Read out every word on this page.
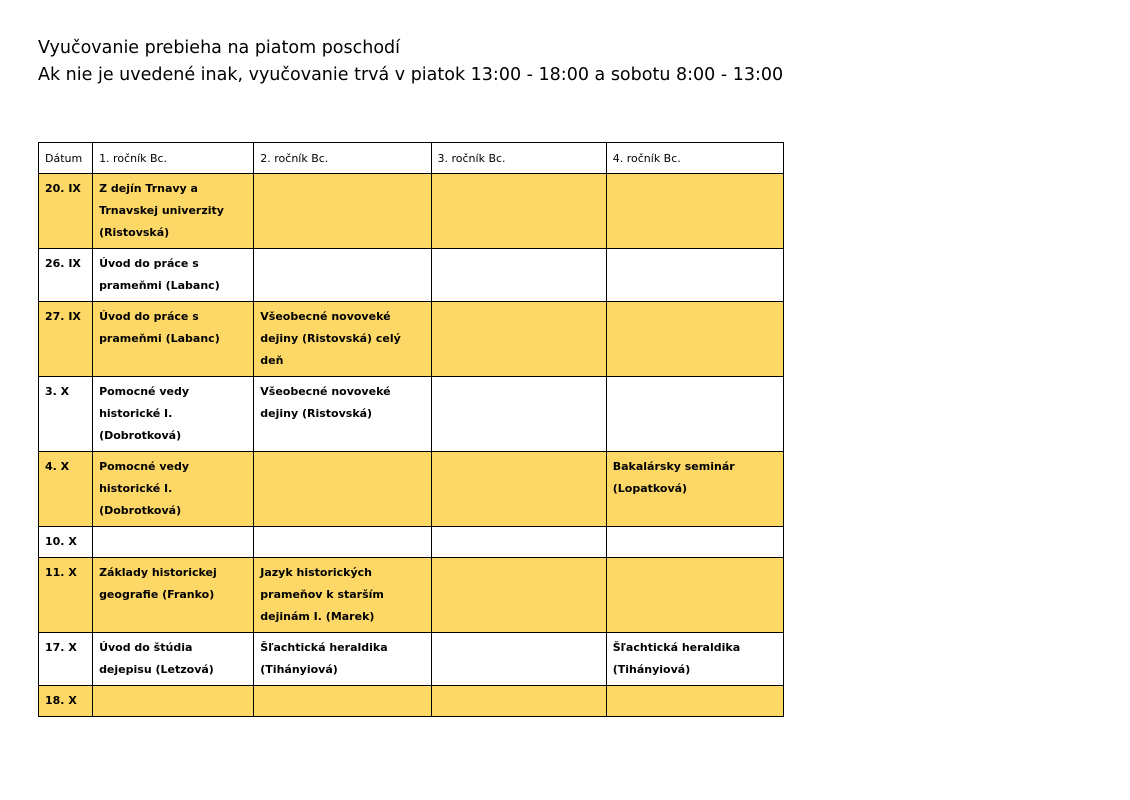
Vyučovanie prebieha na piatom poschodí
Ak nie je uvedené inak, vyučovanie trvá v piatok 13:00 - 18:00 a sobotu 8:00 - 13:00
Dátum	1. ročník Bc.	2. ročník Bc.	3. ročník Bc.	4. ročník Bc.
20. IX	Z dejín Trnavy a Trnavskej univerzity (Ristovská)			
26. IX	Úvod do práce s prameňmi (Labanc)			
27. IX	Úvod do práce s prameňmi (Labanc)	Všeobecné novoveké dejiny (Ristovská) celý deň		
3. X	Pomocné vedy historické I. (Dobrotková)	Všeobecné novoveké dejiny (Ristovská)		
4. X	Pomocné vedy historické I. (Dobrotková)			Bakalársky seminár (Lopatková)
10. X				
11. X	Základy historickej geografie (Franko)	Jazyk historických prameňov k starším dejinám I. (Marek)		
17. X	Úvod do štúdia dejepisu (Letzová)	Šľachtická heraldika (Tihányiová)		Šľachtická heraldika (Tihányiová)
18. X				
